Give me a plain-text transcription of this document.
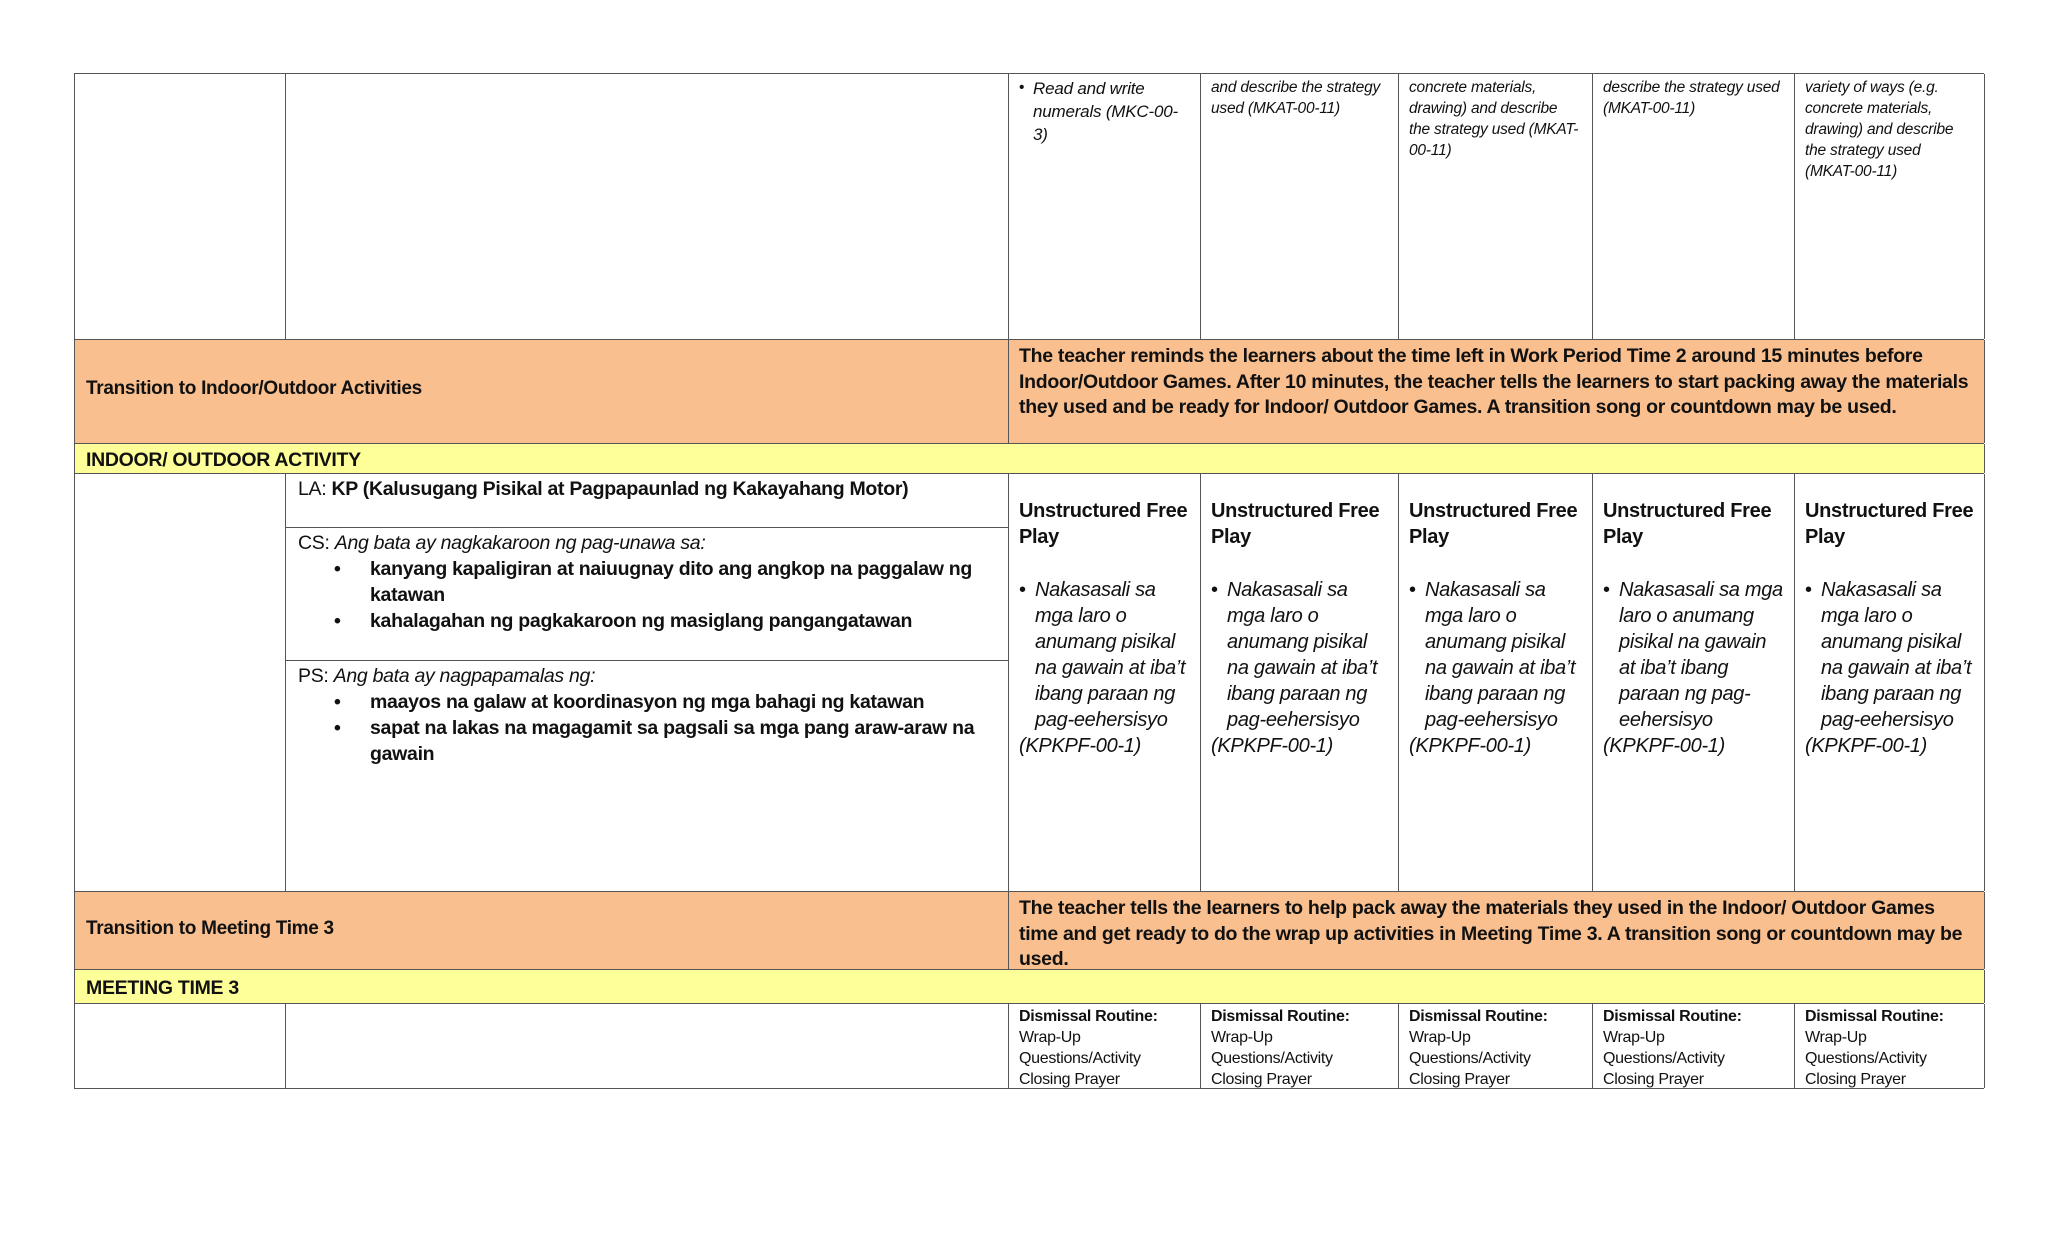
• Read and write numerals (MKC-00-3)
and describe the strategy used (MKAT-00-11)
concrete materials, drawing) and describe the strategy used (MKAT-00-11)
describe the strategy used (MKAT-00-11)
variety of ways (e.g. concrete materials, drawing) and describe the strategy used (MKAT-00-11)
Transition to Indoor/Outdoor Activities
The teacher reminds the learners about the time left in Work Period Time 2 around 15 minutes before Indoor/Outdoor Games. After 10 minutes, the teacher tells the learners to start packing away the materials they used and be ready for Indoor/ Outdoor Games. A transition song or countdown may be used.
INDOOR/ OUTDOOR ACTIVITY
LA: KP (Kalusugang Pisikal at Pagpapaunlad ng Kakayahang Motor)
CS: Ang bata ay nagkakaroon ng pag-unawa sa:
• kanyang kapaligiran at naiuugnay dito ang angkop na paggalaw ng katawan
• kahalagahan ng pagkakaroon ng masiglang pangangatawan
PS: Ang bata ay nagpapamalas ng:
• maayos na galaw at koordinasyon ng mga bahagi ng katawan
• sapat na lakas na magagamit sa pagsali sa mga pang araw-araw na gawain
Unstructured Free Play
• Nakasasali sa mga laro o anumang pisikal na gawain at iba’t ibang paraan ng pag-eehersisyo
(KPKPF-00-1)
Unstructured Free Play
• Nakasasali sa mga laro o anumang pisikal na gawain at iba’t ibang paraan ng pag-eehersisyo
(KPKPF-00-1)
Unstructured Free Play
• Nakasasali sa mga laro o anumang pisikal na gawain at iba’t ibang paraan ng pag-eehersisyo
(KPKPF-00-1)
Unstructured Free Play
• Nakasasali sa mga laro o anumang pisikal na gawain at iba’t ibang paraan ng pag-eehersisyo
(KPKPF-00-1)
Unstructured Free Play
• Nakasasali sa mga laro o anumang pisikal na gawain at iba’t ibang paraan ng pag-eehersisyo
(KPKPF-00-1)
Transition to Meeting Time 3
The teacher tells the learners to help pack away the materials they used in the Indoor/ Outdoor Games time and get ready to do the wrap up activities in Meeting Time 3. A transition song or countdown may be used.
MEETING TIME 3
Dismissal Routine:
Wrap-Up
Questions/Activity
Closing Prayer
Dismissal Routine:
Wrap-Up
Questions/Activity
Closing Prayer
Dismissal Routine:
Wrap-Up
Questions/Activity
Closing Prayer
Dismissal Routine:
Wrap-Up
Questions/Activity
Closing Prayer
Dismissal Routine:
Wrap-Up
Questions/Activity
Closing Prayer
